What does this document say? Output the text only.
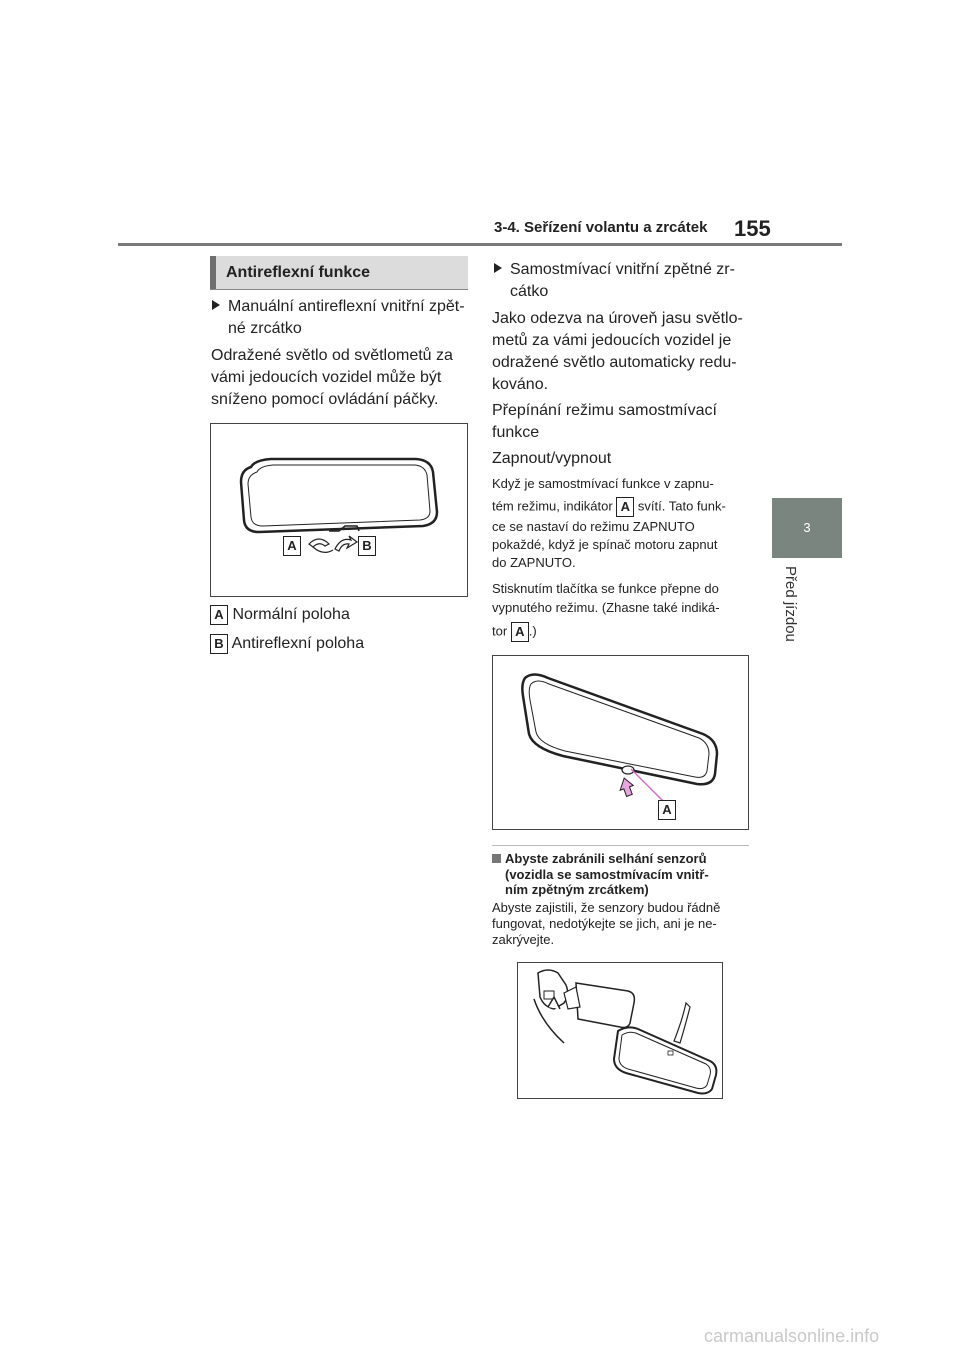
3-4. Seřízení volantu a zrcátek 155
3
Před jízdou
Antireflexní funkce
Manuální antireflexní vnitřní zpět-
né zrcátko
Odražené světlo od světlometů za
vámi jedoucích vozidel může být
sníženo pomocí ovládání páčky.
A	B
A Normální poloha
B Antireflexní poloha
Samostmívací vnitřní zpětné zr-
cátko
Jako odezva na úroveň jasu světlo-
metů za vámi jedoucích vozidel je
odražené světlo automaticky redu-
kováno.
Přepínání režimu samostmívací
funkce
Zapnout/vypnout
Když je samostmívací funkce v zapnu-
tém režimu, indikátor A svítí. Tato funk-
ce se nastaví do režimu ZAPNUTO
pokaždé, když je spínač motoru zapnut
do ZAPNUTO.
Stisknutím tlačítka se funkce přepne do
vypnutého režimu. (Zhasne také indiká-
tor A .)
A
Abyste zabránili selhání senzorů
(vozidla se samostmívacím vnitř-
ním zpětným zrcátkem)
Abyste zajistili, že senzory budou řádně
fungovat, nedotýkejte se jich, ani je ne-
zakrývejte.
carmanualsonline.info
